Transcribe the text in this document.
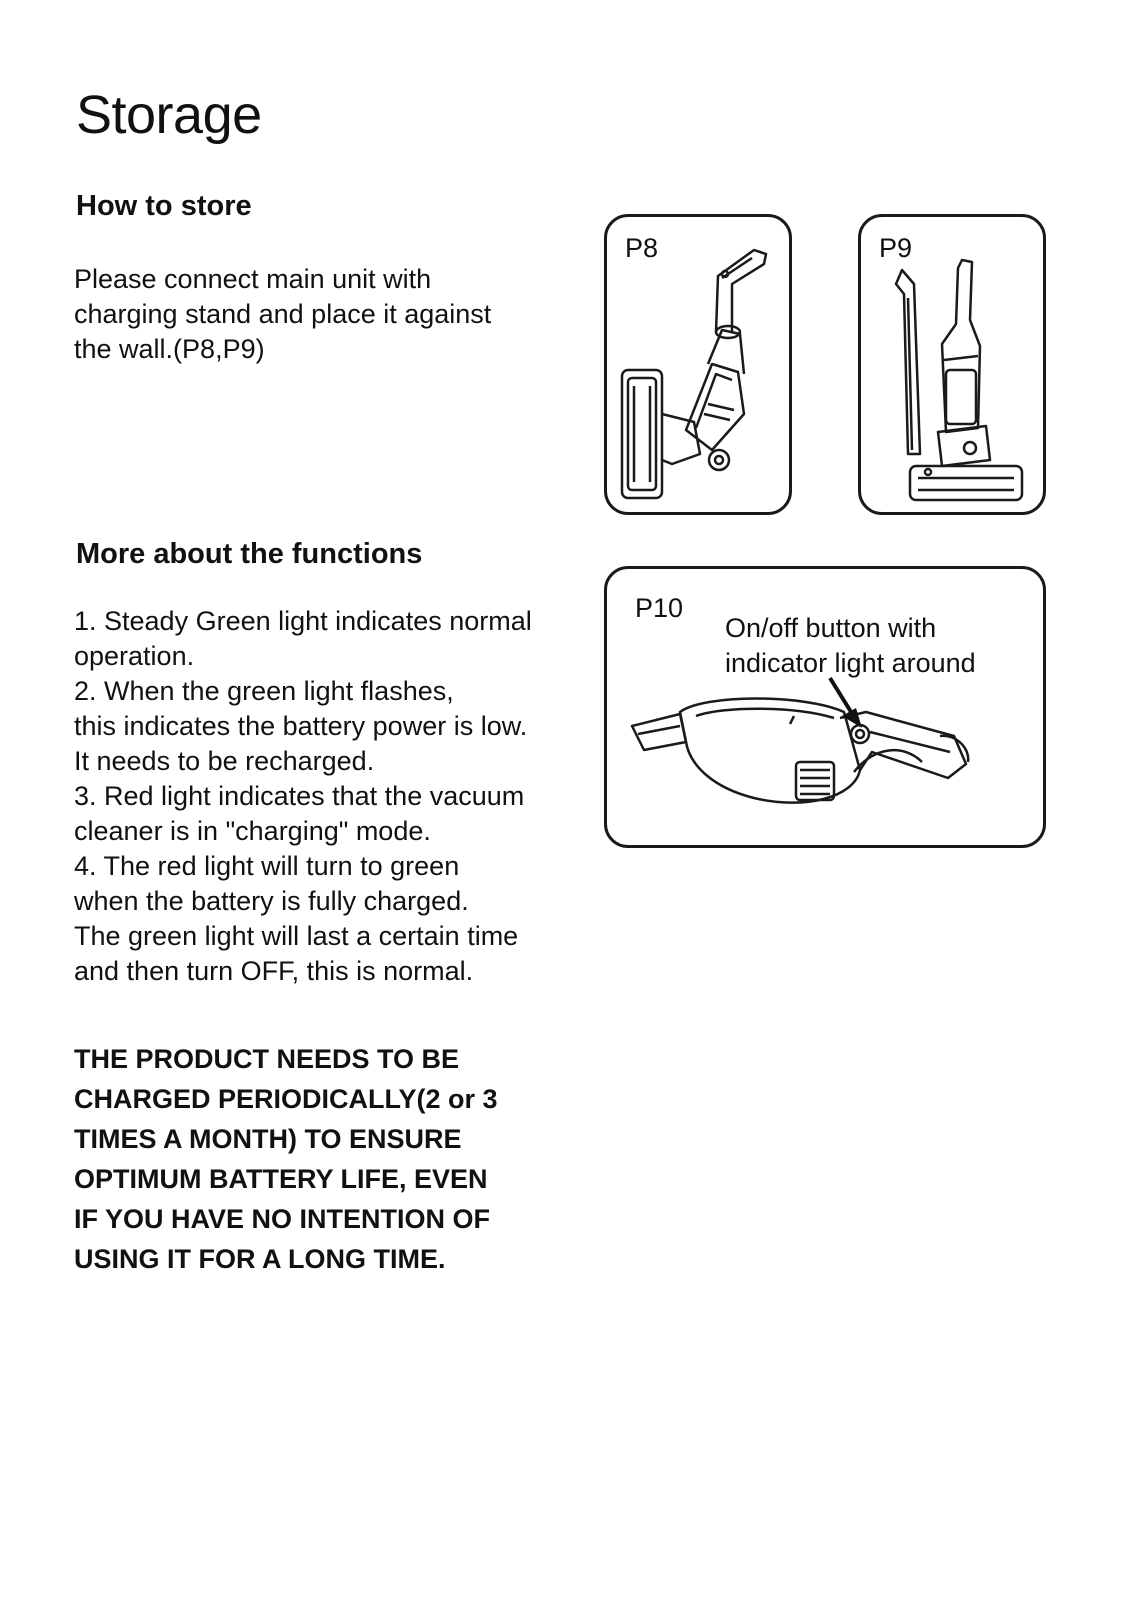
Storage
How to store

Please connect main unit with
charging stand and place it against
the wall.(P8,P9)

More about the functions

1. Steady Green light indicates normal
operation.
2. When the green light flashes,
this indicates the battery power is low.
It needs to be recharged.
3. Red light indicates that the vacuum
cleaner is in "charging" mode.
4. The red light will turn to green
when the battery is fully charged.
The green light will last a certain time
and then turn OFF, this is normal.

THE PRODUCT NEEDS TO BE
CHARGED PERIODICALLY(2 or 3
TIMES A MONTH) TO ENSURE
OPTIMUM BATTERY LIFE, EVEN
IF YOU HAVE NO INTENTION OF
USING IT FOR A LONG TIME.

P8	P9
P10
On/off button with
indicator light around
